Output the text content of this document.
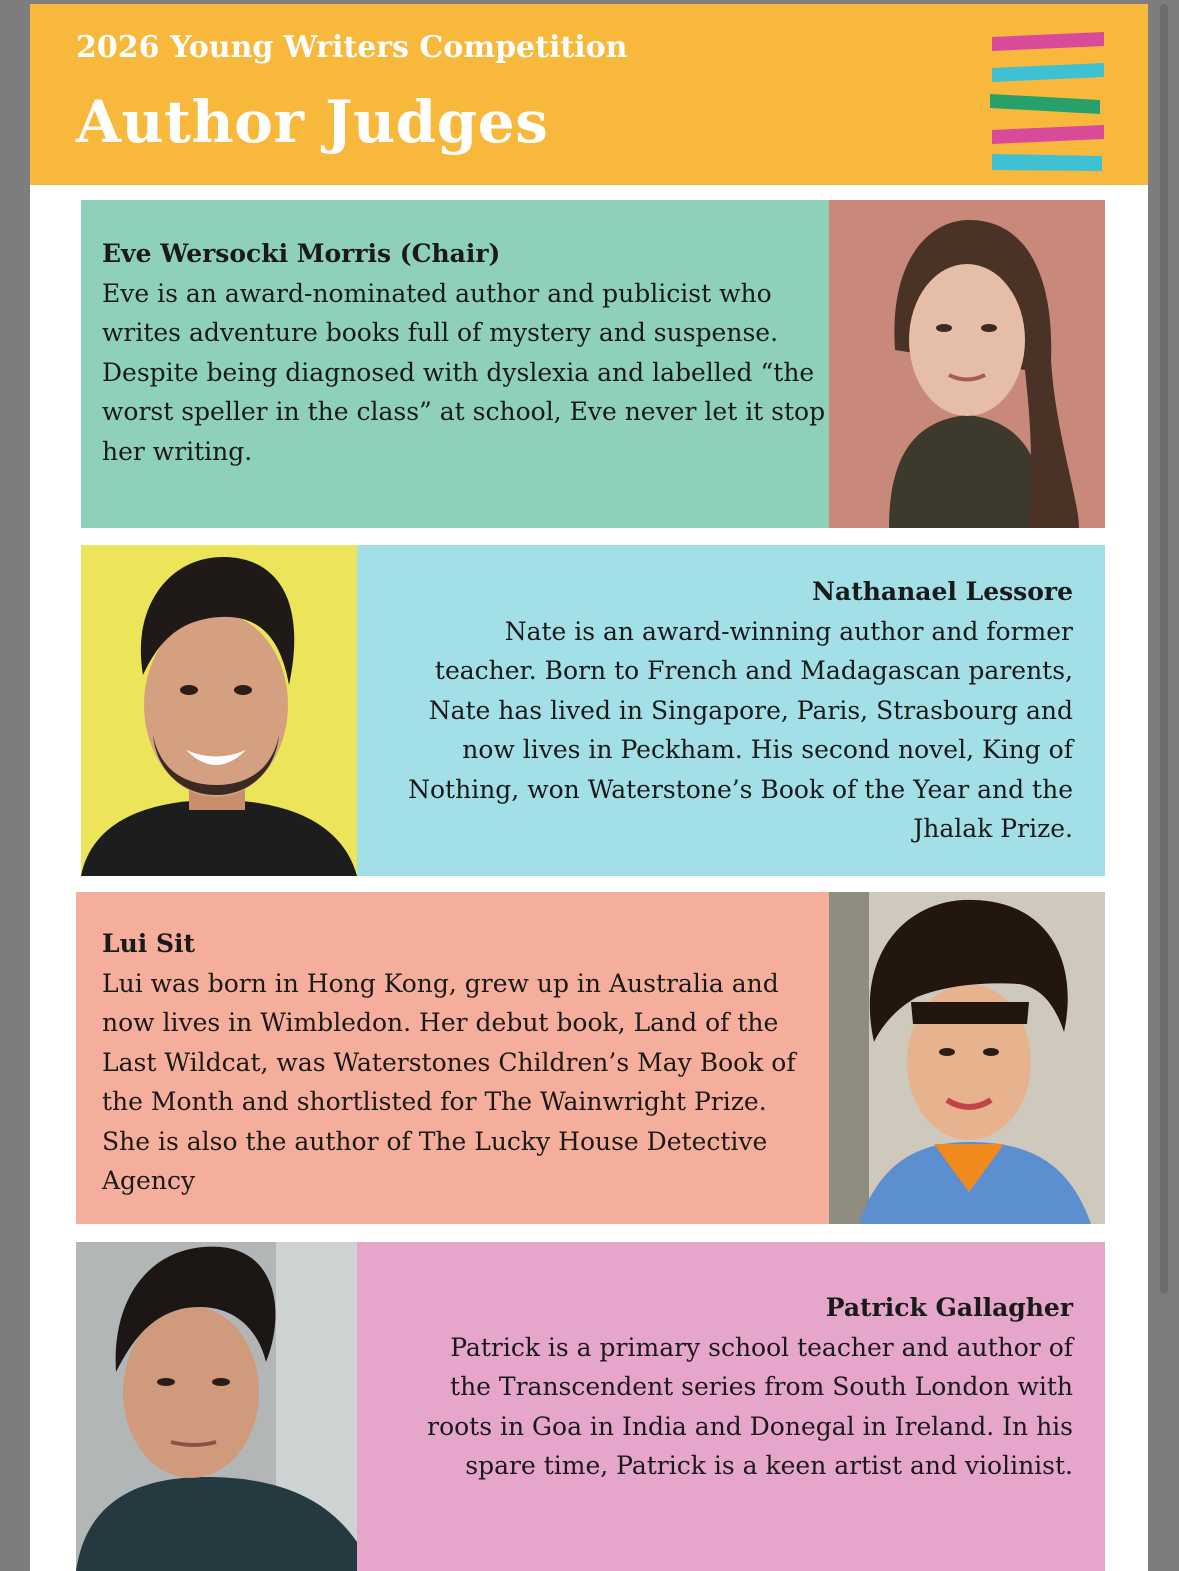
2026 Young Writers Competition
Author Judges
Eve Wersocki Morris (Chair)
Eve is an award-nominated author and publicist who writes adventure books full of mystery and suspense. Despite being diagnosed with dyslexia and labelled “the worst speller in the class” at school, Eve never let it stop her writing.
Nathanael Lessore
Nate is an award-winning author and former teacher. Born to French and Madagascan parents, Nate has lived in Singapore, Paris, Strasbourg and now lives in Peckham. His second novel, King of Nothing, won Waterstone’s Book of the Year and the Jhalak Prize.
Lui Sit
Lui was born in Hong Kong, grew up in Australia and now lives in Wimbledon. Her debut book, Land of the Last Wildcat, was Waterstones Children’s May Book of the Month and shortlisted for The Wainwright Prize. She is also the author of The Lucky House Detective Agency
Patrick Gallagher
Patrick is a primary school teacher and author of the Transcendent series from South London with roots in Goa in India and Donegal in Ireland. In his spare time, Patrick is a keen artist and violinist.
